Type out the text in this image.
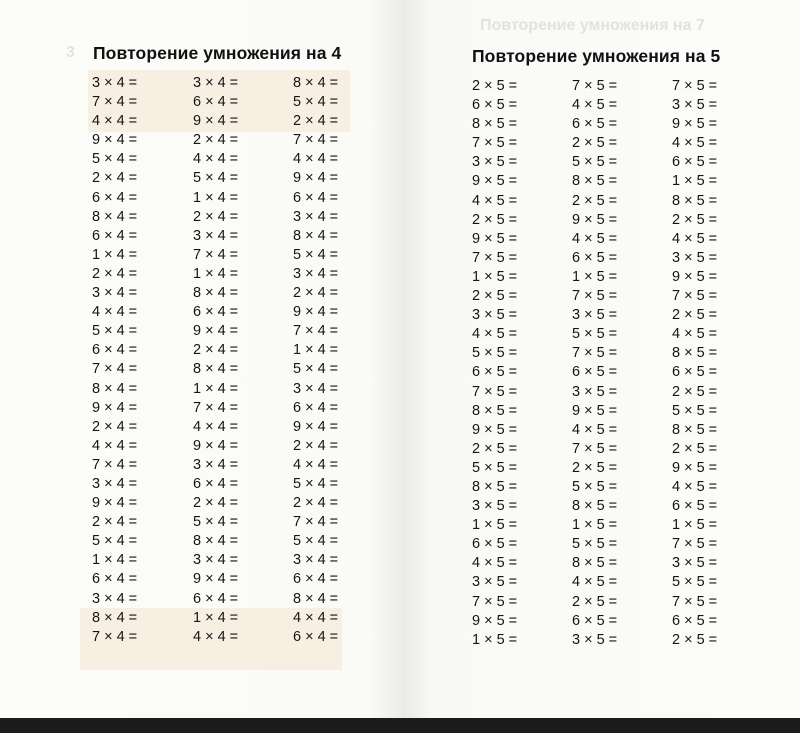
3 Повторение умножения на 4
3 × 4 =
7 × 4 =
4 × 4 =
9 × 4 =
5 × 4 =
2 × 4 =
6 × 4 =
8 × 4 =
6 × 4 =
1 × 4 =
2 × 4 =
3 × 4 =
4 × 4 =
5 × 4 =
6 × 4 =
7 × 4 =
8 × 4 =
9 × 4 =
2 × 4 =
4 × 4 =
7 × 4 =
3 × 4 =
9 × 4 =
2 × 4 =
5 × 4 =
1 × 4 =
6 × 4 =
3 × 4 =
8 × 4 =
7 × 4 =
3 × 4 =
6 × 4 =
9 × 4 =
2 × 4 =
4 × 4 =
5 × 4 =
1 × 4 =
2 × 4 =
3 × 4 =
7 × 4 =
1 × 4 =
8 × 4 =
6 × 4 =
9 × 4 =
2 × 4 =
8 × 4 =
1 × 4 =
7 × 4 =
4 × 4 =
9 × 4 =
3 × 4 =
6 × 4 =
2 × 4 =
5 × 4 =
8 × 4 =
3 × 4 =
9 × 4 =
6 × 4 =
1 × 4 =
4 × 4 =
8 × 4 =
5 × 4 =
2 × 4 =
7 × 4 =
4 × 4 =
9 × 4 =
6 × 4 =
3 × 4 =
8 × 4 =
5 × 4 =
3 × 4 =
2 × 4 =
9 × 4 =
7 × 4 =
1 × 4 =
5 × 4 =
3 × 4 =
6 × 4 =
9 × 4 =
2 × 4 =
4 × 4 =
5 × 4 =
2 × 4 =
7 × 4 =
5 × 4 =
3 × 4 =
6 × 4 =
8 × 4 =
4 × 4 =
6 × 4 =
Повторение умножения на 7
Повторение умножения на 5
2 × 5 =
6 × 5 =
8 × 5 =
7 × 5 =
3 × 5 =
9 × 5 =
4 × 5 =
2 × 5 =
9 × 5 =
7 × 5 =
1 × 5 =
2 × 5 =
3 × 5 =
4 × 5 =
5 × 5 =
6 × 5 =
7 × 5 =
8 × 5 =
9 × 5 =
2 × 5 =
5 × 5 =
8 × 5 =
3 × 5 =
1 × 5 =
6 × 5 =
4 × 5 =
3 × 5 =
7 × 5 =
9 × 5 =
1 × 5 =
7 × 5 =
4 × 5 =
6 × 5 =
2 × 5 =
5 × 5 =
8 × 5 =
2 × 5 =
9 × 5 =
4 × 5 =
6 × 5 =
1 × 5 =
7 × 5 =
3 × 5 =
5 × 5 =
7 × 5 =
6 × 5 =
3 × 5 =
9 × 5 =
4 × 5 =
7 × 5 =
2 × 5 =
5 × 5 =
8 × 5 =
1 × 5 =
5 × 5 =
8 × 5 =
4 × 5 =
2 × 5 =
6 × 5 =
3 × 5 =
7 × 5 =
3 × 5 =
9 × 5 =
4 × 5 =
6 × 5 =
1 × 5 =
8 × 5 =
2 × 5 =
4 × 5 =
3 × 5 =
9 × 5 =
7 × 5 =
2 × 5 =
4 × 5 =
8 × 5 =
6 × 5 =
2 × 5 =
5 × 5 =
8 × 5 =
2 × 5 =
9 × 5 =
4 × 5 =
6 × 5 =
1 × 5 =
7 × 5 =
3 × 5 =
5 × 5 =
7 × 5 =
6 × 5 =
2 × 5 =
